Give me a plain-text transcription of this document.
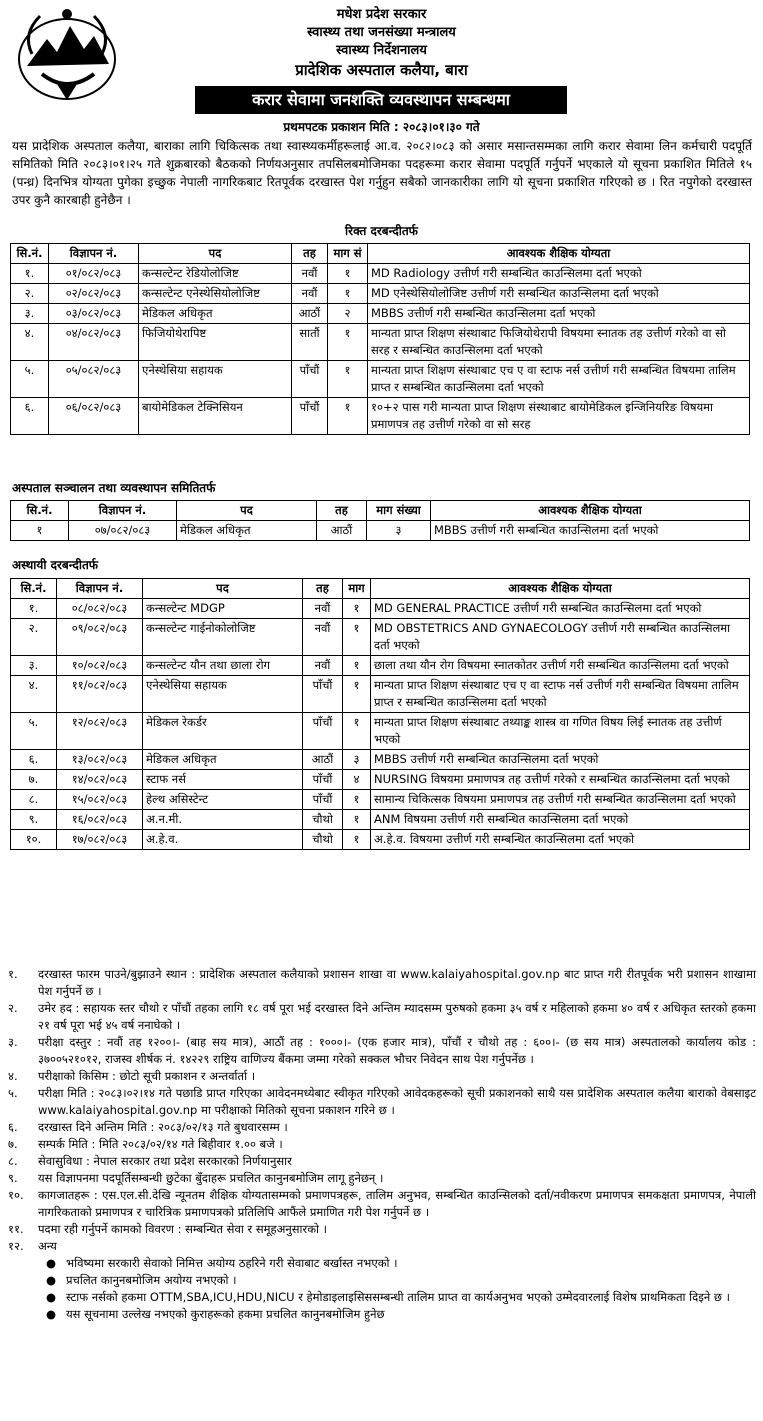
मधेश प्रदेश सरकार
स्वास्थ्य तथा जनसंख्या मन्त्रालय
स्वास्थ्य निर्देशनालय
प्रादेशिक अस्पताल कलैया, बारा
करार सेवामा जनशक्ति व्यवस्थापन सम्बन्धमा
प्रथमपटक प्रकाशन मिति : २०८३।०१।३० गते
यस प्रादेशिक अस्पताल कलैया, बाराका लागि चिकित्सक तथा स्वास्थ्यकर्मीहरूलाई आ.व. २०८२।०८३ को असार मसान्तसम्मका लागि करार सेवामा लिन कर्मचारी पदपूर्ति समितिको मिति २०८३।०१।२५ गते शुक्रबारको बैठकको निर्णयअनुसार तपसिलबमोजिमका पदहरूमा करार सेवामा पदपूर्ति गर्नुपर्ने भएकाले यो सूचना प्रकाशित मितिले १५ (पन्ध्र) दिनभित्र योग्यता पुगेका इच्छुक नेपाली नागरिकबाट रितपूर्वक दरखास्त पेश गर्नुहुन सबैको जानकारीका लागि यो सूचना प्रकाशित गरिएको छ । रित नपुगेको दरखास्त उपर कुनै कारबाही हुनेछैन ।
रिक्त दरबन्दीतर्फ
सि.नं.	विज्ञापन नं.	पद	तह	माग सं	आवश्यक शैक्षिक योग्यता
१.	०१/०८२/०८३	कन्सल्टेन्ट रेडियोलोजिष्ट	नवौं	१	MD Radiology उत्तीर्ण गरी सम्बन्धित काउन्सिलमा दर्ता भएको
२.	०२/०८२/०८३	कन्सल्टेन्ट एनेस्थेसियोलोजिष्ट	नवौं	१	MD एनेस्थेसियोलोजिष्ट उत्तीर्ण गरी सम्बन्धित काउन्सिलमा दर्ता भएको
३.	०३/०८२/०८३	मेडिकल अधिकृत	आठौं	२	MBBS उत्तीर्ण गरी सम्बन्धित काउन्सिलमा दर्ता भएको
४.	०४/०८२/०८३	फिजियोथेरापिष्ट	सातौं	१	मान्यता प्राप्त शिक्षण संस्थाबाट फिजियोथेरापी विषयमा स्नातक तह उत्तीर्ण गरेको वा सो सरह र सम्बन्धित काउन्सिलमा दर्ता भएको
५.	०५/०८२/०८३	एनेस्थेसिया सहायक	पाँचौं	१	मान्यता प्राप्त शिक्षण संस्थाबाट एच ए वा स्टाफ नर्स उत्तीर्ण गरी सम्बन्धित विषयमा तालिम प्राप्त र सम्बन्धित काउन्सिलमा दर्ता भएको
६.	०६/०८२/०८३	बायोमेडिकल टेक्निसियन	पाँचौं	१	१०+२ पास गरी मान्यता प्राप्त शिक्षण संस्थाबाट बायोमेडिकल इन्जिनियरिङ विषयमा प्रमाणपत्र तह उत्तीर्ण गरेको वा सो सरह
अस्पताल सञ्चालन तथा व्यवस्थापन समितितर्फ
सि.नं.	विज्ञापन नं.	पद	तह	माग संख्या	आवश्यक शैक्षिक योग्यता
१	०७/०८२/०८३	मेडिकल अधिकृत	आठौं	३	MBBS उत्तीर्ण गरी सम्बन्धित काउन्सिलमा दर्ता भएको
अस्थायी दरबन्दीतर्फ
सि.नं.	विज्ञापन नं.	पद	तह	माग	आवश्यक शैक्षिक योग्यता
१.	०८/०८२/०८३	कन्सल्टेन्ट MDGP	नवौं	१	MD GENERAL PRACTICE उत्तीर्ण गरी सम्बन्धित काउन्सिलमा दर्ता भएको
२.	०९/०८२/०८३	कन्सल्टेन्ट गाईनोकोलोजिष्ट	नवौं	१	MD OBSTETRICS AND GYNAECOLOGY उत्तीर्ण गरी सम्बन्धित काउन्सिलमा दर्ता भएको
३.	१०/०८२/०८३	कन्सल्टेन्ट यौन तथा छाला रोग	नवौं	१	छाला तथा यौन रोग विषयमा स्नातकोतर उत्तीर्ण गरी सम्बन्धित काउन्सिलमा दर्ता भएको
४.	११/०८२/०८३	एनेस्थेसिया सहायक	पाँचौं	१	मान्यता प्राप्त शिक्षण संस्थाबाट एच ए वा स्टाफ नर्स उत्तीर्ण गरी सम्बन्धित विषयमा तालिम प्राप्त र सम्बन्धित काउन्सिलमा दर्ता भएको
५.	१२/०८२/०८३	मेडिकल रेकर्डर	पाँचौं	१	मान्यता प्राप्त शिक्षण संस्थाबाट तथ्याङ्क शास्त्र वा गणित विषय लिई स्नातक तह उत्तीर्ण भएको
६.	१३/०८२/०८३	मेडिकल अधिकृत	आठौं	३	MBBS उत्तीर्ण गरी सम्बन्धित काउन्सिलमा दर्ता भएको
७.	१४/०८२/०८३	स्टाफ नर्स	पाँचौं	४	NURSING विषयमा प्रमाणपत्र तह उत्तीर्ण गरेको र सम्बन्धित काउन्सिलमा दर्ता भएको
८.	१५/०८२/०८३	हेल्थ असिस्टेन्ट	पाँचौं	१	सामान्य चिकित्सक विषयमा प्रमाणपत्र तह उत्तीर्ण गरी सम्बन्धित काउन्सिलमा दर्ता भएको
९.	१६/०८२/०८३	अ.न.मी.	चौथो	१	ANM विषयमा उत्तीर्ण गरी सम्बन्धित काउन्सिलमा दर्ता भएको
१०.	१७/०८२/०८३	अ.हे.व.	चौथो	१	अ.हे.व. विषयमा उत्तीर्ण गरी सम्बन्धित काउन्सिलमा दर्ता भएको
१.	दरखास्त फारम पाउने/बुझाउने स्थान : प्रादेशिक अस्पताल कलैयाको प्रशासन शाखा वा www.kalaiyahospital.gov.np बाट प्राप्त गरी रीतपूर्वक भरी प्रशासन शाखामा पेश गर्नुपर्ने छ ।
२.	उमेर हद : सहायक स्तर चौथो र पाँचौं तहका लागि १८ वर्ष पूरा भई दरखास्त दिने अन्तिम म्यादसम्म पुरुषको हकमा ३५ वर्ष र महिलाको हकमा ४० वर्ष र अधिकृत स्तरको हकमा २१ वर्ष पूरा भई ४५ वर्ष ननाघेको ।
३.	परीक्षा दस्तुर : नवौं तह १२००।- (बाह सय मात्र), आठौं तह : १०००।- (एक हजार मात्र), पाँचौं र चौथो तह : ६००।- (छ सय मात्र) अस्पतालको कार्यालय कोड : ३७००५२१०१२, राजस्व शीर्षक नं. १४२२९ राष्ट्रिय वाणिज्य बैंकमा जम्मा गरेको सक्कल भौचर निवेदन साथ पेश गर्नुपर्नेछ ।
४.	परीक्षाको किसिम : छोटो सूची प्रकाशन र अन्तर्वार्ता ।
५.	परीक्षा मिति : २०८३।०२।१४ गते पछाडि प्राप्त गरिएका आवेदनमध्येबाट स्वीकृत गरिएको आवेदकहरूको सूची प्रकाशनको साथै यस प्रादेशिक अस्पताल कलैया बाराको वेबसाइट www.kalaiyahospital.gov.np मा परीक्षाको मितिको सूचना प्रकाशन गरिने छ ।
६.	दरखास्त दिने अन्तिम मिति : २०८३/०२/१३ गते बुधवारसम्म ।
७.	सम्पर्क मिति : मिति २०८३/०२/१४ गते बिहीवार १.०० बजे ।
८.	सेवासुविधा : नेपाल सरकार तथा प्रदेश सरकारको निर्णयानुसार
९.	यस विज्ञापनमा पदपूर्तिसम्बन्धी छुटेका बुँदाहरू प्रचलित कानुनबमोजिम लागू हुनेछन् ।
१०.	कागजातहरू : एस.एल.सी.देखि न्यूनतम शैक्षिक योग्यतासम्मको प्रमाणपत्रहरू, तालिम अनुभव, सम्बन्धित काउन्सिलको दर्ता/नवीकरण प्रमाणपत्र समकक्षता प्रमाणपत्र, नेपाली नागरिकताको प्रमाणपत्र र चारित्रिक प्रमाणपत्रको प्रतिलिपि आफैंले प्रमाणित गरी पेश गर्नुपर्ने छ ।
११.	पदमा रही गर्नुपर्ने कामको विवरण : सम्बन्धित सेवा र समूहअनुसारको ।
१२.	अन्य
● भविष्यमा सरकारी सेवाको निमित्त अयोग्य ठहरिने गरी सेवाबाट बर्खास्त नभएको ।
● प्रचलित कानुनबमोजिम अयोग्य नभएको ।
● स्टाफ नर्सको हकमा OTTM,SBA,ICU,HDU,NICU र हेमोडाइलाइसिससम्बन्धी तालिम प्राप्त वा कार्यअनुभव भएको उम्मेदवारलाई विशेष प्राथमिकता दिइने छ ।
● यस सूचनामा उल्लेख नभएको कुराहरूको हकमा प्रचलित कानुनबमोजिम हुनेछ
